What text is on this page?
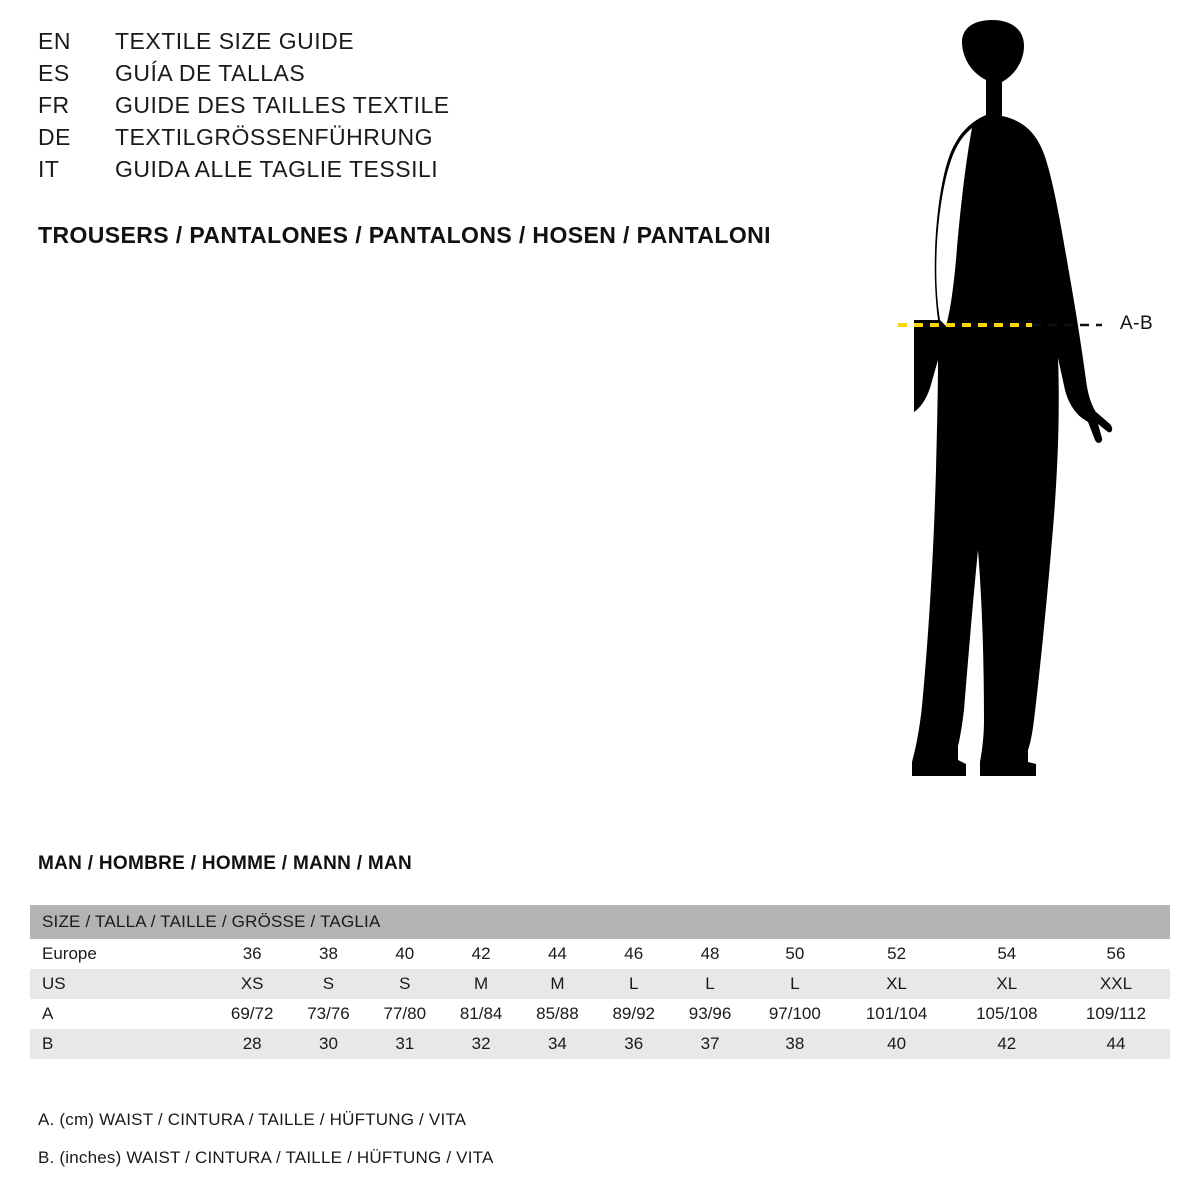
EN	TEXTILE SIZE GUIDE
ES	GUÍA DE TALLAS
FR	GUIDE DES TAILLES TEXTILE
DE	TEXTILGRÖSSENFÜHRUNG
IT	GUIDA ALLE TAGLIE TESSILI
TROUSERS / PANTALONES / PANTALONS / HOSEN / PANTALONI
A-B
MAN / HOMBRE / HOMME / MANN / MAN
SIZE / TALLA / TAILLE / GRÖSSE / TAGLIA											
Europe	36	38	40	42	44	46	48	50	52	54	56
US	XS	S	S	M	M	L	L	L	XL	XL	XXL
A	69/72	73/76	77/80	81/84	85/88	89/92	93/96	97/100	101/104	105/108	109/112
B	28	30	31	32	34	36	37	38	40	42	44
A. (cm) WAIST / CINTURA / TAILLE / HÜFTUNG / VITA
B. (inches) WAIST / CINTURA / TAILLE / HÜFTUNG / VITA
